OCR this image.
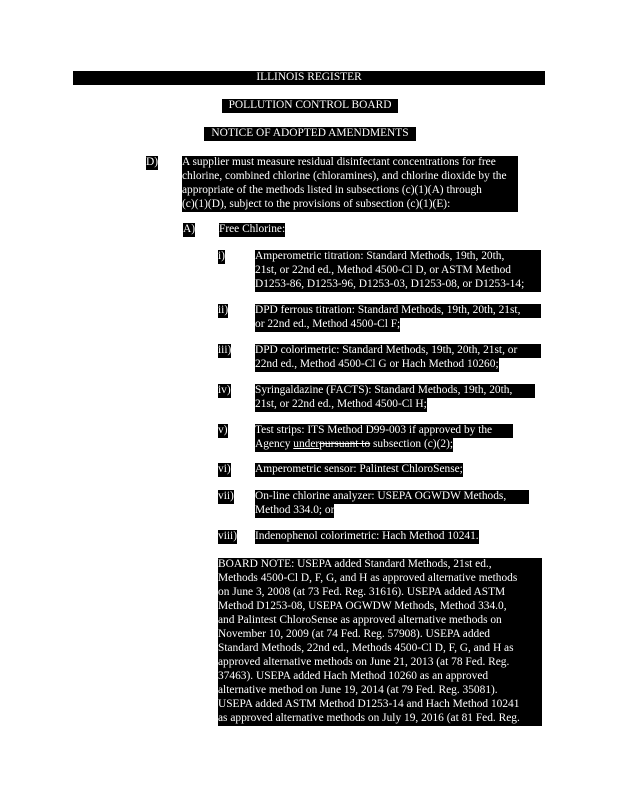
ILLINOIS REGISTER
POLLUTION CONTROL BOARD
NOTICE OF ADOPTED AMENDMENTS
D) A supplier must measure residual disinfectant concentrations for free
chlorine, combined chlorine (chloramines), and chlorine dioxide by the
appropriate of the methods listed in subsections (c)(1)(A) through
(c)(1)(D), subject to the provisions of subsection (c)(1)(E):
A) Free Chlorine:
i)	Amperometric titration: Standard Methods, 19th, 20th,
21st, or 22nd ed., Method 4500-Cl D, or ASTM Method
D1253-86, D1253-96, D1253-03, D1253-08, or D1253-14;
ii) DPD ferrous titration: Standard Methods, 19th, 20th, 21st,
or 22nd ed., Method 4500-Cl F;
iii) DPD colorimetric: Standard Methods, 19th, 20th, 21st, or
22nd ed., Method 4500-Cl G or Hach Method 10260;
iv) Syringaldazine (FACTS): Standard Methods, 19th, 20th,
21st, or 22nd ed., Method 4500-Cl H;
v) Test strips: ITS Method D99-003 if approved by the
Agency underpursuant to subsection (c)(2);
vi) Amperometric sensor: Palintest ChloroSense;
vii) On-line chlorine analyzer: USEPA OGWDW Methods,
Method 334.0; or
viii) Indenophenol colorimetric: Hach Method 10241.
BOARD NOTE: USEPA added Standard Methods, 21st ed.,
Methods 4500-Cl D, F, G, and H as approved alternative methods
on June 3, 2008 (at 73 Fed. Reg. 31616). USEPA added ASTM
Method D1253-08, USEPA OGWDW Methods, Method 334.0,
and Palintest ChloroSense as approved alternative methods on
November 10, 2009 (at 74 Fed. Reg. 57908). USEPA added
Standard Methods, 22nd ed., Methods 4500-Cl D, F, G, and H as
approved alternative methods on June 21, 2013 (at 78 Fed. Reg.
37463). USEPA added Hach Method 10260 as an approved
alternative method on June 19, 2014 (at 79 Fed. Reg. 35081).
USEPA added ASTM Method D1253-14 and Hach Method 10241
as approved alternative methods on July 19, 2016 (at 81 Fed. Reg.
